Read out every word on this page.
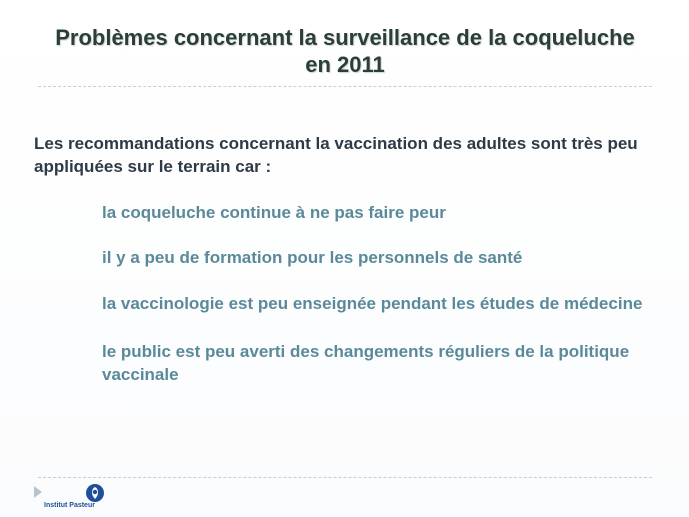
Problèmes concernant la surveillance de la coqueluche
en 2011
Les recommandations concernant la vaccination des adultes sont très peu appliquées sur le terrain car :
la coqueluche continue à ne pas faire peur
il y a peu de formation pour les personnels de santé
la vaccinologie est peu enseignée pendant les études de médecine
le public est peu averti des changements réguliers de la politique vaccinale
Institut Pasteur
